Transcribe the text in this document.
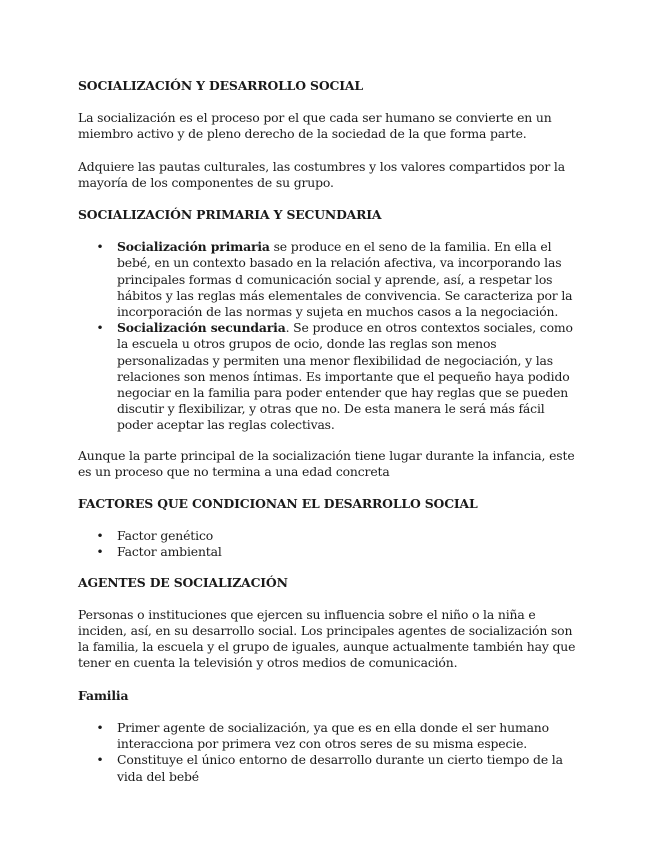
SOCIALIZACIÓN Y DESARROLLO SOCIAL

La socialización es el proceso por el que cada ser humano se convierte en un miembro activo y de pleno derecho de la sociedad de la que forma parte.

Adquiere las pautas culturales, las costumbres y los valores compartidos por la mayoría de los componentes de su grupo.

SOCIALIZACIÓN PRIMARIA Y SECUNDARIA

• Socialización primaria se produce en el seno de la familia. En ella el bebé, en un contexto basado en la relación afectiva, va incorporando las principales formas d comunicación social y aprende, así, a respetar los hábitos y las reglas más elementales de convivencia. Se caracteriza por la incorporación de las normas y sujeta en muchos casos a la negociación.
• Socialización secundaria. Se produce en otros contextos sociales, como la escuela u otros grupos de ocio, donde las reglas son menos personalizadas y permiten una menor flexibilidad de negociación, y las relaciones son menos íntimas. Es importante que el pequeño haya podido negociar en la familia para poder entender que hay reglas que se pueden discutir y flexibilizar, y otras que no. De esta manera le será más fácil poder aceptar las reglas colectivas.

Aunque la parte principal de la socialización tiene lugar durante la infancia, este es un proceso que no termina a una edad concreta

FACTORES QUE CONDICIONAN EL DESARROLLO SOCIAL

• Factor genético
• Factor ambiental

AGENTES DE SOCIALIZACIÓN

Personas o instituciones que ejercen su influencia sobre el niño o la niña e inciden, así, en su desarrollo social. Los principales agentes de socialización son la familia, la escuela y el grupo de iguales, aunque actualmente también hay que tener en cuenta la televisión y otros medios de comunicación.

Familia

• Primer agente de socialización, ya que es en ella donde el ser humano interacciona por primera vez con otros seres de su misma especie.
• Constituye el único entorno de desarrollo durante un cierto tiempo de la vida del bebé
